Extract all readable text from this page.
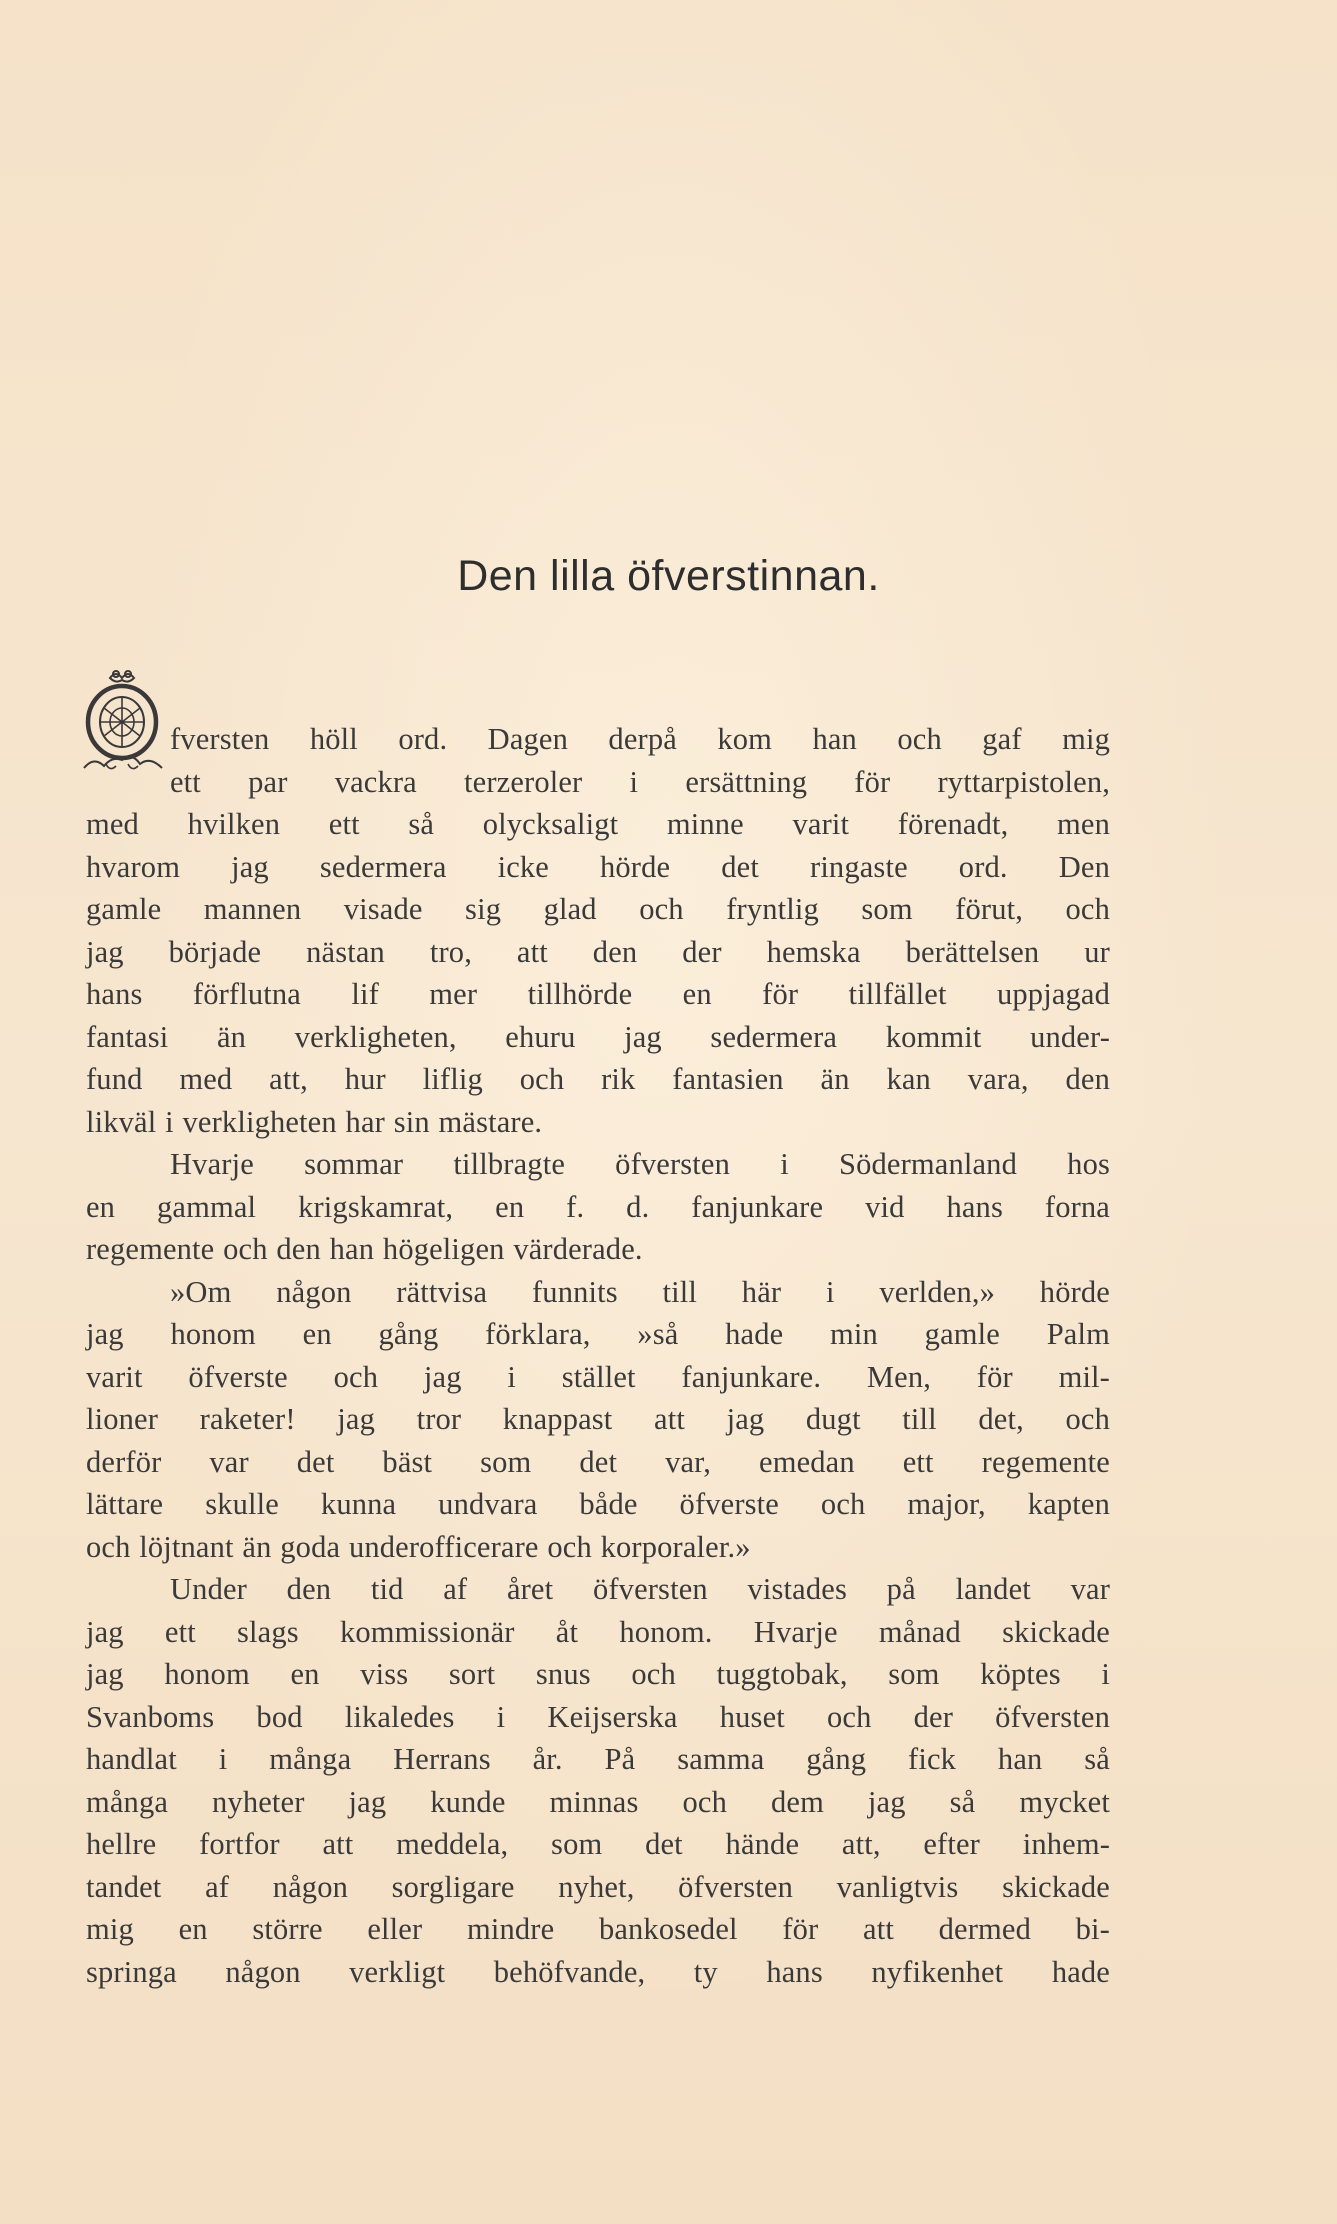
Den lilla öfverstinnan.
fversten höll ord. Dagen derpå kom han och gaf mig
ett par vackra terzeroler i ersättning för ryttarpistolen,
med hvilken ett så olycksaligt minne varit förenadt, men
hvarom jag sedermera icke hörde det ringaste ord. Den
gamle mannen visade sig glad och fryntlig som förut, och
jag började nästan tro, att den der hemska berättelsen ur
hans förflutna lif mer tillhörde en för tillfället uppjagad
fantasi än verkligheten, ehuru jag sedermera kommit under-
fund med att, hur liflig och rik fantasien än kan vara, den
likväl i verkligheten har sin mästare.
Hvarje sommar tillbragte öfversten i Södermanland hos
en gammal krigskamrat, en f. d. fanjunkare vid hans forna
regemente och den han högeligen värderade.
»Om någon rättvisa funnits till här i verlden,» hörde
jag honom en gång förklara, »så hade min gamle Palm
varit öfverste och jag i stället fanjunkare. Men, för mil-
lioner raketer! jag tror knappast att jag dugt till det, och
derför var det bäst som det var, emedan ett regemente
lättare skulle kunna undvara både öfverste och major, kapten
och löjtnant än goda underofficerare och korporaler.»
Under den tid af året öfversten vistades på landet var
jag ett slags kommissionär åt honom. Hvarje månad skickade
jag honom en viss sort snus och tuggtobak, som köptes i
Svanboms bod likaledes i Keijserska huset och der öfversten
handlat i många Herrans år. På samma gång fick han så
många nyheter jag kunde minnas och dem jag så mycket
hellre fortfor att meddela, som det hände att, efter inhem-
tandet af någon sorgligare nyhet, öfversten vanligtvis skickade
mig en större eller mindre bankosedel för att dermed bi-
springa någon verkligt behöfvande, ty hans nyfikenhet hade
